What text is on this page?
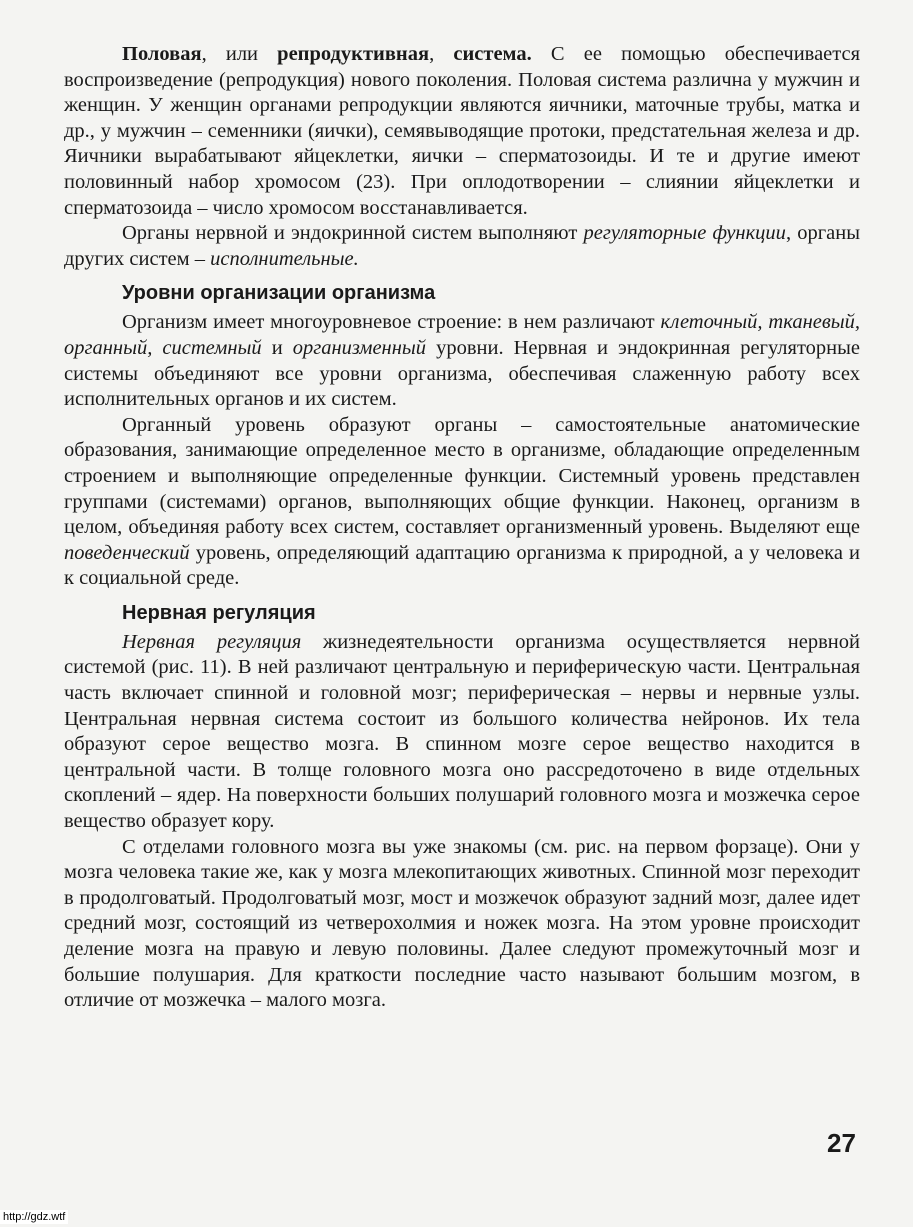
Половая, или репродуктивная, система. С ее помощью обеспечивается воспроизведение (репродукция) нового поколения. Половая система различна у мужчин и женщин. У женщин органами репродукции являются яичники, маточные трубы, матка и др., у мужчин – семенники (яички), семявыводящие протоки, предстательная железа и др. Яичники вырабатывают яйцеклетки, яички – сперматозоиды. И те и другие имеют половинный набор хромосом (23). При оплодотворении – слиянии яйцеклетки и сперматозоида – число хромосом восстанавливается.

Органы нервной и эндокринной систем выполняют регуляторные функции, органы других систем – исполнительные.

Уровни организации организма

Организм имеет многоуровневое строение: в нем различают клеточный, тканевый, органный, системный и организменный уровни. Нервная и эндокринная регуляторные системы объединяют все уровни организма, обеспечивая слаженную работу всех исполнительных органов и их систем.

Органный уровень образуют органы – самостоятельные анатомические образования, занимающие определенное место в организме, обладающие определенным строением и выполняющие определенные функции. Системный уровень представлен группами (системами) органов, выполняющих общие функции. Наконец, организм в целом, объединяя работу всех систем, составляет организменный уровень. Выделяют еще поведенческий уровень, определяющий адаптацию организма к природной, а у человека и к социальной среде.

Нервная регуляция

Нервная регуляция жизнедеятельности организма осуществляется нервной системой (рис. 11). В ней различают центральную и периферическую части. Центральная часть включает спинной и головной мозг; периферическая – нервы и нервные узлы. Центральная нервная система состоит из большого количества нейронов. Их тела образуют серое вещество мозга. В спинном мозге серое вещество находится в центральной части. В толще головного мозга оно рассредоточено в виде отдельных скоплений – ядер. На поверхности больших полушарий головного мозга и мозжечка серое вещество образует кору.

С отделами головного мозга вы уже знакомы (см. рис. на первом форзаце). Они у мозга человека такие же, как у мозга млекопитающих животных. Спинной мозг переходит в продолговатый. Продолговатый мозг, мост и мозжечок образуют задний мозг, далее идет средний мозг, состоящий из четверохолмия и ножек мозга. На этом уровне происходит деление мозга на правую и левую половины. Далее следуют промежуточный мозг и большие полушария. Для краткости последние часто называют большим мозгом, в отличие от мозжечка – малого мозга.

27
http://gdz.wtf
